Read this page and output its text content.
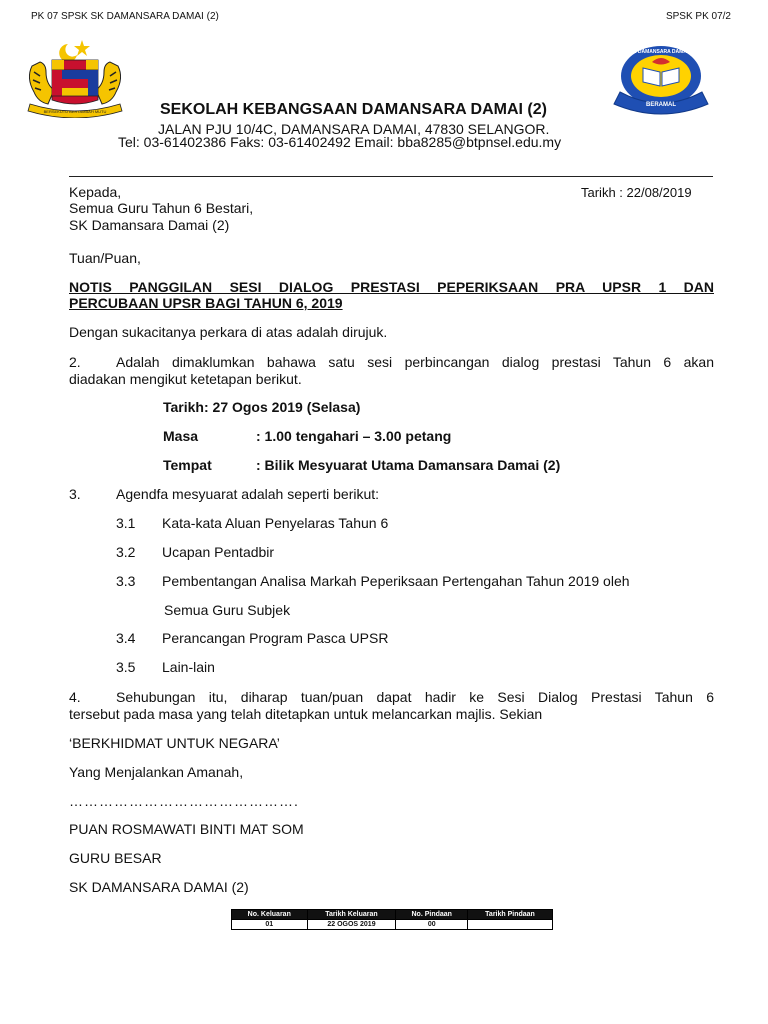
PK 07 SPSK SK DAMANSARA DAMAI (2)	SPSK PK 07/2
BERSEKUTU BERTAMBAH MUTU
SK DAMANSARA DAMAI 2
BERAMAL
SEKOLAH KEBANGSAAN DAMANSARA DAMAI (2)
JALAN PJU 10/4C, DAMANSARA DAMAI, 47830 SELANGOR.
Tel: 03-61402386 Faks: 03-61402492 Email: bba8285@btpnsel.edu.my
Kepada,
Semua Guru Tahun 6 Bestari,
SK Damansara Damai (2)
Tarikh : 22/08/2019
Tuan/Puan,
NOTIS PANGGILAN SESI DIALOG PRESTASI PEPERIKSAAN PRA UPSR 1 DAN
PERCUBAAN UPSR BAGI TAHUN 6, 2019
Dengan sukacitanya perkara di atas adalah dirujuk.
2.	Adalah dimaklumkan bahawa satu sesi perbincangan dialog prestasi Tahun 6 akan
diadakan mengikut ketetapan berikut.
Tarikh: 27 Ogos 2019 (Selasa)
Masa	: 1.00 tengahari – 3.00 petang
Tempat	: Bilik Mesyuarat Utama Damansara Damai (2)
3.	Agendfa mesyuarat adalah seperti berikut:
3.1 Kata-kata Aluan Penyelaras Tahun 6
3.2 Ucapan Pentadbir
3.3 Pembentangan Analisa Markah Peperiksaan Pertengahan Tahun 2019 oleh
Semua Guru Subjek
3.4 Perancangan Program Pasca UPSR
3.5 Lain-lain
4.	Sehubungan itu, diharap tuan/puan dapat hadir ke Sesi Dialog Prestasi Tahun 6
tersebut pada masa yang telah ditetapkan untuk melancarkan majlis. Sekian
‘BERKHIDMAT UNTUK NEGARA’
Yang Menjalankan Amanah,
……………………………………….
PUAN ROSMAWATI BINTI MAT SOM
GURU BESAR
SK DAMANSARA DAMAI (2)
No. Keluaran	Tarikh Keluaran	No. Pindaan	Tarikh Pindaan
01	22 OGOS 2019	00	
